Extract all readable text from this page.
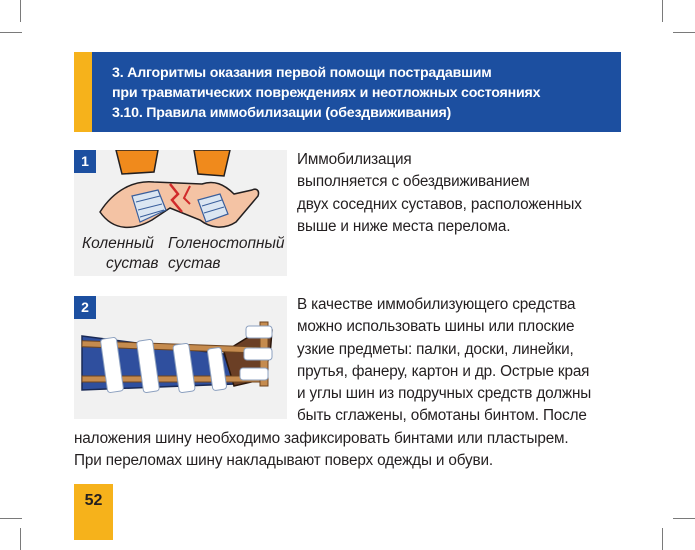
3. Алгоритмы оказания первой помощи пострадавшим
при травматических повреждениях и неотложных состояниях
3.10. Правила иммобилизации (обездвиживания)
1
Коленный
сустав
Голеностопный
сустав
Иммобилизация
выполняется с обездвиживанием
двух соседних суставов, расположенных
выше и ниже места перелома.
2	В качестве иммобилизующего средства
можно использовать шины или плоские
узкие предметы: палки, доски, линейки,
прутья, фанеру, картон и др. Острые края
и углы шин из подручных средств должны
быть сглажены, обмотаны бинтом. После
наложения шину необходимо зафиксировать бинтами или пластырем.
При переломах шину накладывают поверх одежды и обуви.
52
